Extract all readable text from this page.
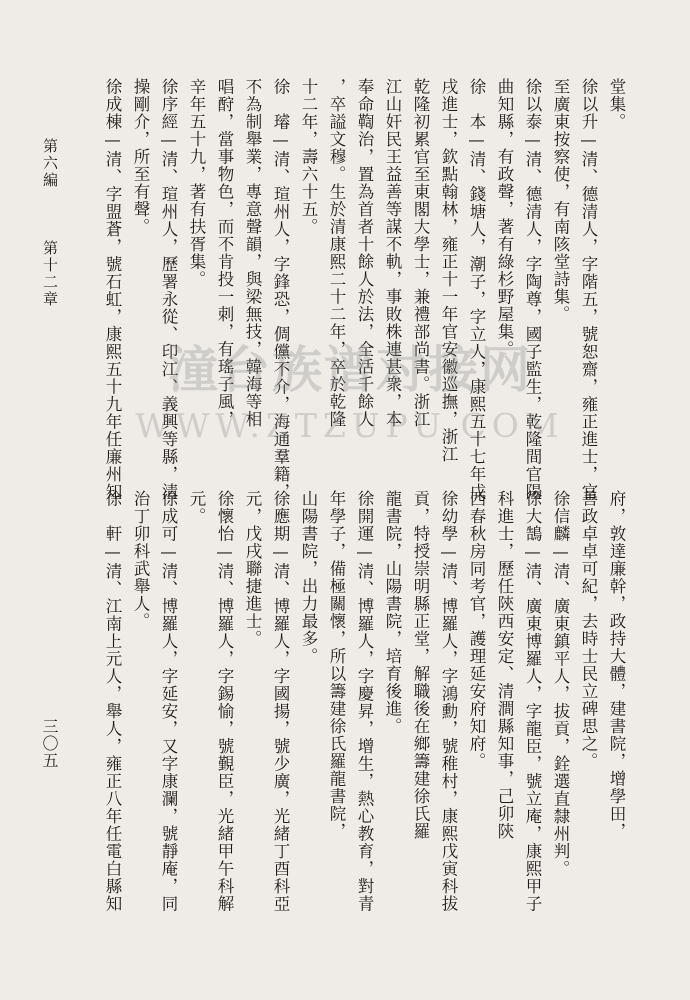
堂集。
徐以升—清、德清人，字階五，號恕齋，雍正進士，官
至廣東按察使，有南陔堂詩集。
徐以泰—清、德清人，字陶尊，國子監生，乾隆間官陽
曲知縣，有政聲，著有綠杉野屋集。
徐　本—清、錢塘人，潮子，字立人，康熙五十七年戊
戌進士，欽點翰林，雍正十一年官安徽巡撫，浙江
乾隆初累官至東閣大學士，兼禮部尚書。浙江
江山奸民王益善等謀不軌，事敗株連甚衆，本
奉命鞫治，置為首者十餘人於法，全活千餘人
，卒謚文穆。生於清康熙二十二年，卒於乾隆
十二年，壽六十五。
徐　璿—清、瑄州人，字鋒恐，倜儻不介，海通羣籍，
不為制舉業，專意聲韻，與梁無技，韓海等相
唱酧，當事物色，而不肯投一刺，有瑤子風，
辛年五十九，著有扶胥集。
徐序經—清、瑄州人，歷署永從、印江、義興等縣，清
操剛介，所至有聲。
徐成棟—清、字盟蒼，號石虹，康熙五十九年任廉州知
府，敦達廉幹，政持大體，建書院，增學田，
善政卓卓可紀，去時士民立碑思之。
徐信麟—清、廣東鎮平人，拔貢，銓選直隸州判。
徐大鵠—清、廣東博羅人，字龍臣，號立庵，康熙甲子
科進士，歷任陝西安定、清澗縣知事，己卯陝
西春秋房同考官，護理延安府知府。
徐幼學—清、博羅人，字鴻勳，號稚村，康熙戊寅科拔
貢，特授崇明縣正堂，解職後在鄉籌建徐氏羅
龍書院，山陽書院，培育後進。
徐開運—清、博羅人，字慶昇，增生，熱心教育，對青
年學子，備極關懷，所以籌建徐氏羅龍書院，
山陽書院，出力最多。
徐應期—清、博羅人，字國揚，號少廣，光緒丁酉科亞
元，戊戌聯捷進士。
徐懷怡—清、博羅人，字錫愉，號覲臣，光緒甲午科解
元。
徐成可—清、博羅人，字延安，又字康瀾，號靜庵，同
治丁卯科武舉人。
徐　軒—清、江南上元人，舉人，雍正八年任電白縣知
第六編
第十二章
三〇五
潼台族谱对接网
WWW.ZTZUPU.COM
